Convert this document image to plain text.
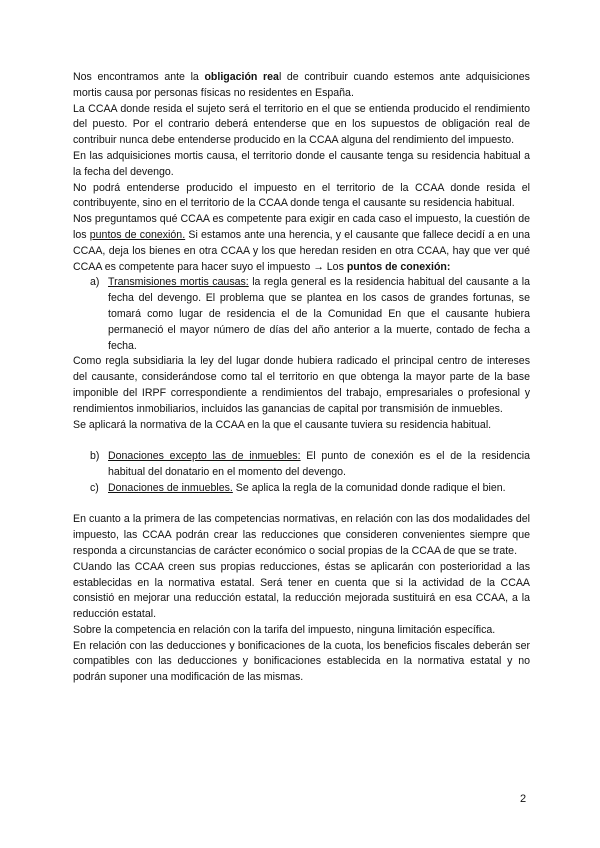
Nos encontramos ante la obligación real de contribuir cuando estemos ante adquisiciones mortis causa por personas físicas no residentes en España.

La CCAA donde resida el sujeto será el territorio en el que se entienda producido el rendimiento del puesto. Por el contrario deberá entenderse que en los supuestos de obligación real de contribuir nunca debe entenderse producido en la CCAA alguna del rendimiento del impuesto.

En las adquisiciones mortis causa, el territorio donde el causante tenga su residencia habitual a la fecha del devengo.

No podrá entenderse producido el impuesto en el territorio de la CCAA donde resida el contribuyente, sino en el territorio de la CCAA donde tenga el causante su residencia habitual.

Nos preguntamos qué CCAA es competente para exigir en cada caso el impuesto, la cuestión de los puntos de conexión. Si estamos ante una herencia, y el causante que fallece decidí a en una CCAA, deja los bienes en otra CCAA y los que heredan residen en otra CCAA, hay que ver qué CCAA es competente para hacer suyo el impuesto → Los puntos de conexión:

a) Transmisiones mortis causas: la regla general es la residencia habitual del causante a la fecha del devengo. El problema que se plantea en los casos de grandes fortunas, se tomará como lugar de residencia el de la Comunidad En que el causante hubiera permaneció el mayor número de días del año anterior a la muerte, contado de fecha a fecha.

Como regla subsidiaria la ley del lugar donde hubiera radicado el principal centro de intereses del causante, considerándose como tal el territorio en que obtenga la mayor parte de la base imponible del IRPF correspondiente a rendimientos del trabajo, empresariales o profesional y rendimientos inmobiliarios, incluidos las ganancias de capital por transmisión de inmuebles.

Se aplicará la normativa de la CCAA en la que el causante tuviera su residencia habitual.

b) Donaciones excepto las de inmuebles: El punto de conexión es el de la residencia habitual del donatario en el momento del devengo.
c) Donaciones de inmuebles. Se aplica la regla de la comunidad donde radique el bien.

En cuanto a la primera de las competencias normativas, en relación con las dos modalidades del impuesto, las CCAA podrán crear las reducciones que consideren convenientes siempre que responda a circunstancias de carácter económico o social propias de la CCAA de que se trate.

CUando las CCAA creen sus propias reducciones, éstas se aplicarán con posterioridad a las establecidas en la normativa estatal. Será tener en cuenta que si la actividad de la CCAA consistió en mejorar una reducción estatal, la reducción mejorada sustituirá en esa CCAA, a la reducción estatal.

Sobre la competencia en relación con la tarifa del impuesto, ninguna limitación específica.

En relación con las deducciones y bonificaciones de la cuota, los beneficios fiscales deberán ser compatibles con las deducciones y bonificaciones establecida en la normativa estatal y no podrán suponer una modificación de las mismas.

2
